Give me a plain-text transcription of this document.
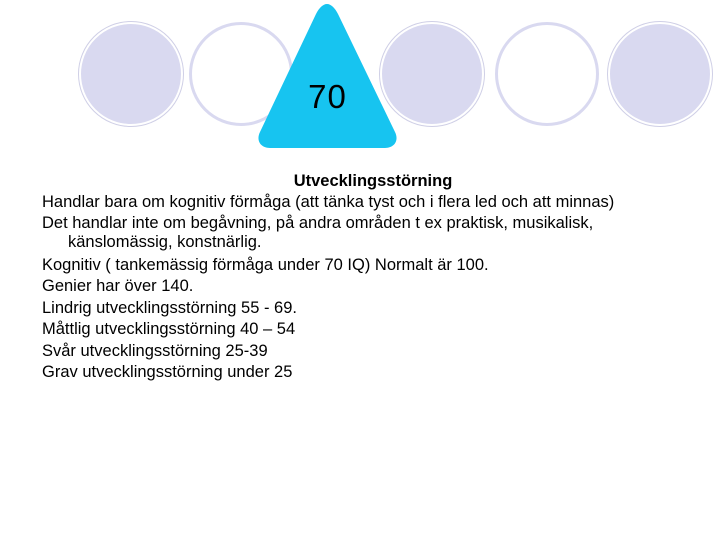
70

Utvecklingsstörning

Handlar bara om kognitiv förmåga (att tänka tyst och i flera led och att minnas)

Det handlar inte om begåvning, på andra områden t ex praktisk, musikalisk, känslomässig, konstnärlig.

Kognitiv ( tankemässig förmåga under 70 IQ) Normalt är 100.

Genier har över 140.

Lindrig utvecklingsstörning 55 - 69.

Måttlig utvecklingsstörning 40 – 54

Svår utvecklingsstörning 25-39

Grav utvecklingsstörning under 25
